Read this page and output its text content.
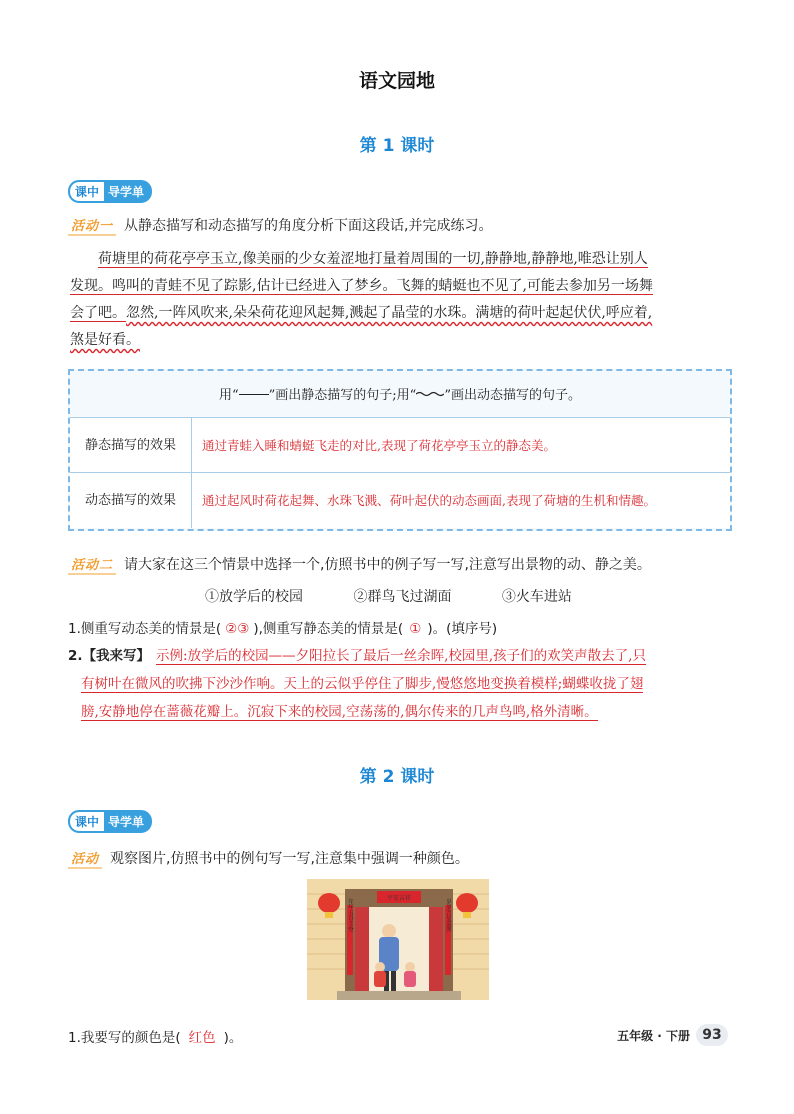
语文园地
第 1 课时
课中 导学单
活动一 从静态描写和动态描写的角度分析下面这段话,并完成练习。
荷塘里的荷花亭亭玉立,像美丽的少女羞涩地打量着周围的一切,静静地,静静地,唯恐让别人
发现。鸣叫的青蛙不见了踪影,估计已经进入了梦乡。飞舞的蜻蜓也不见了,可能去参加另一场舞
会了吧。忽然,一阵风吹来,朵朵荷花迎风起舞,溅起了晶莹的水珠。满塘的荷叶起起伏伏,呼应着,
煞是好看。
用“ ”画出静态描写的句子;用“ ”画出动态描写的句子。
静态描写的效果	通过青蛙入睡和蜻蜓飞走的对比,表现了荷花亭亭玉立的静态美。
动态描写的效果	通过起风时荷花起舞、水珠飞溅、荷叶起伏的动态画面,表现了荷塘的生机和情趣。
活动二 请大家在这三个情景中选择一个,仿照书中的例子写一写,注意写出景物的动、静之美。
①放学后的校园	②群鸟飞过湖面	③火车进站
1.侧重写动态美的情景是( ②③ ),侧重写静态美的情景是( ① )。(填序号)
2.【我来写】 示例:放学后的校园——夕阳拉长了最后一丝余晖,校园里,孩子们的欢笑声散去了,只
有树叶在微风的吹拂下沙沙作响。天上的云似乎停住了脚步,慢悠悠地变换着模样;蝴蝶收拢了翅
膀,安静地停在蔷薇花瓣上。沉寂下来的校园,空荡荡的,偶尔传来的几声鸟鸣,格外清晰。
第 2 课时
课中 导学单
活动 观察图片,仿照书中的例句写一写,注意集中强调一种颜色。
平安吉祥
年年五谷丰登	岁岁吉星高照
1.我要写的颜色是( 红色 )。	五年级 · 下册 93
